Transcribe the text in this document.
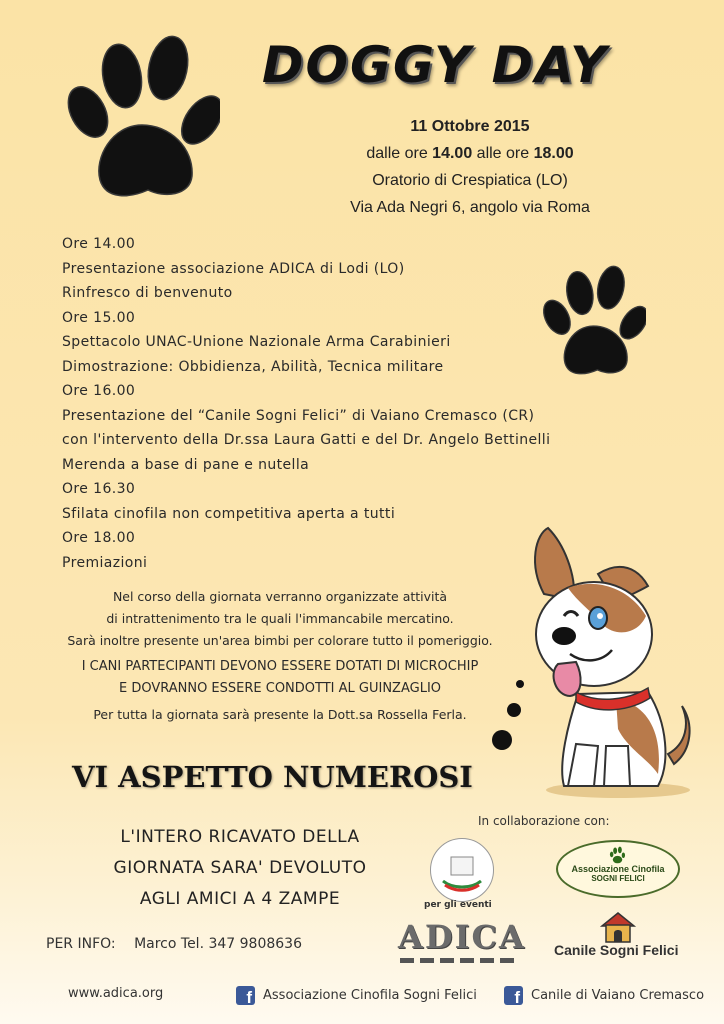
DOGGY DAY
11 Ottobre 2015
dalle ore 14.00 alle ore 18.00
Oratorio di Crespiatica (LO)
Via Ada Negri 6, angolo via Roma
Ore 14.00
Presentazione associazione ADICA di Lodi (LO)
Rinfresco di benvenuto
Ore 15.00
Spettacolo UNAC-Unione Nazionale Arma Carabinieri
Dimostrazione: Obbidienza, Abilità, Tecnica militare
Ore 16.00
Presentazione del “Canile Sogni Felici” di Vaiano Cremasco (CR)
con l'intervento della Dr.ssa Laura Gatti e del Dr. Angelo Bettinelli
Merenda a base di pane e nutella
Ore 16.30
Sfilata cinofila non competitiva aperta a tutti
Ore 18.00
Premiazioni
Nel corso della giornata verranno organizzate attività
di intrattenimento tra le quali l'immancabile mercatino.
Sarà inoltre presente un'area bimbi per colorare tutto il pomeriggio.
I CANI PARTECIPANTI DEVONO ESSERE DOTATI DI MICROCHIP
E DOVRANNO ESSERE CONDOTTI AL GUINZAGLIO
Per tutta la giornata sarà presente la Dott.sa Rossella Ferla.
VI ASPETTO NUMEROSI
L'INTERO RICAVATO DELLA
GIORNATA SARA' DEVOLUTO
AGLI AMICI A 4 ZAMPE
In collaborazione con:
per gli eventi
ADICA
Associazione Cinofila
SOGNI FELICI
Canile Sogni Felici
PER INFO: Marco Tel. 347 9808636
www.adica.org f	Associazione Cinofila Sogni Felici f	Canile di Vaiano Cremasco
